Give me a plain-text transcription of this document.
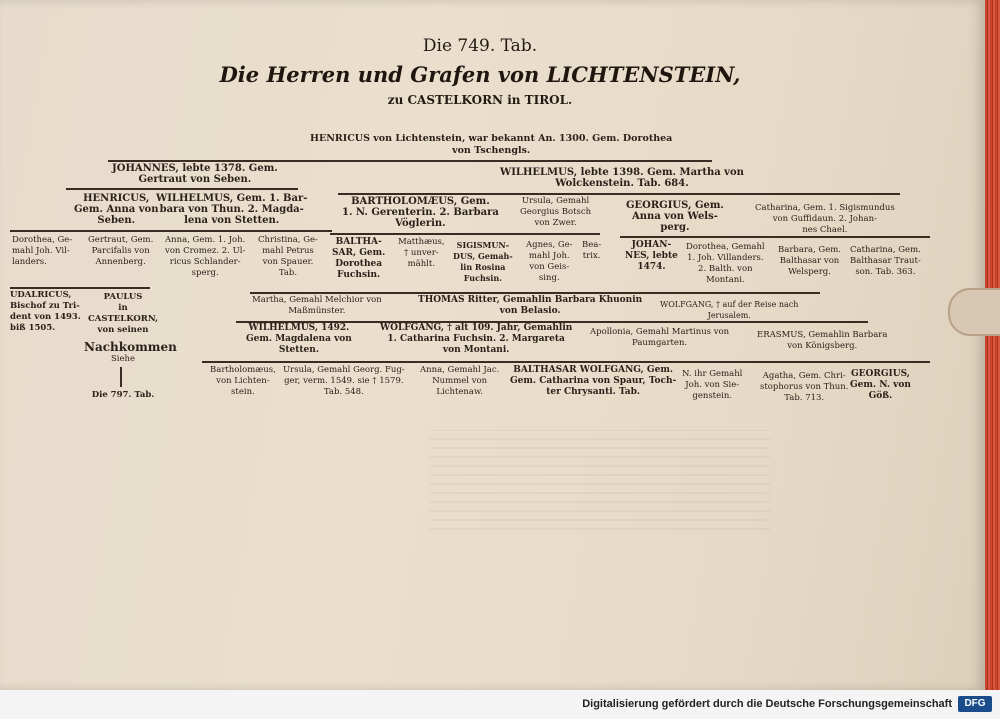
Die 749. Tab.
Die Herren und Grafen von LICHTENSTEIN,
zu CASTELKORN in TIROL.
HENRICUS von Lichtenstein, war bekannt An. 1300. Gem. Dorothea
von Tschengls.
JOHANNES, lebte 1378. Gem.
Gertraut von Seben.
WILHELMUS, lebte 1398. Gem. Martha von
Wolckenstein. Tab. 684.
HENRICUS,
Gem. Anna von
Seben.
WILHELMUS, Gem. 1. Bar-
bara von Thun. 2. Magda-
lena von Stetten.
BARTHOLOMÆUS, Gem.
1. N. Gerenterin. 2. Barbara
Vöglerin.
Ursula, Gemahl
Georgius Botsch
von Zwer.
GEORGIUS, Gem.
Anna von Wels-
perg.
Catharina, Gem. 1. Sigismundus
von Guffidaun. 2. Johan-
nes Chael.
Dorothea, Ge-
mahl Joh. Vil-
landers.
Gertraut, Gem.
Parcifalis von
Annenberg.
Anna, Gem. 1. Joh.
von Cromez. 2. Ul-
ricus Schlander-
sperg.
Christina, Ge-
mahl Petrus
von Spauer.
Tab.
BALTHA-
SAR, Gem.
Dorothea
Fuchsin.
Matthæus,
† unver-
mählt.
SIGISMUN-
DUS, Gemah-
lin Rosina
Fuchsin.
Agnes, Ge-
mahl Joh.
von Geis-
sing.
Bea-
trix.
JOHAN-
NES, lebte
1474.
Dorothea, Gemahl
1. Joh. Villanders.
2. Balth. von
Montani.
Barbara, Gem.
Balthasar von
Welsperg.
Catharina, Gem.
Balthasar Traut-
son. Tab. 363.
UDALRICUS,
Bischof zu Tri-
dent von 1493.
biß 1505.
PAULUS
in
CASTELKORN,
von seinen
Nachkommen
Siehe
Die 797. Tab.
Martha, Gemahl Melchior von
Maßmünster.
THOMAS Ritter, Gemahlin Barbara Khuonin
von Belasio.
WOLFGANG, † auf der Reise nach
Jerusalem.
WILHELMUS, 1492.
Gem. Magdalena von
Stetten.
WOLFGANG, † alt 109. Jahr, Gemahlin
1. Catharina Fuchsin. 2. Margareta
von Montani.
Apollonia, Gemahl Martinus von
Paumgarten.
ERASMUS, Gemahlin Barbara
von Königsberg.
Bartholomæus,
von Lichten-
stein.
Ursula, Gemahl Georg. Fug-
ger, verm. 1549. sie † 1579.
Tab. 548.
Anna, Gemahl Jac.
Nummel von
Lichtenaw.
BALTHASAR WOLFGANG, Gem.
Gem. Catharina von Spaur, Toch-
ter Chrysanti. Tab.
N. ihr Gemahl
Joh. von Sie-
genstein.
Agatha, Gem. Chri-
stophorus von Thun.
Tab. 713.
GEORGIUS,
Gem. N. von
Göß.
Digitalisierung gefördert durch die Deutsche Forschungsgemeinschaft	DFG
